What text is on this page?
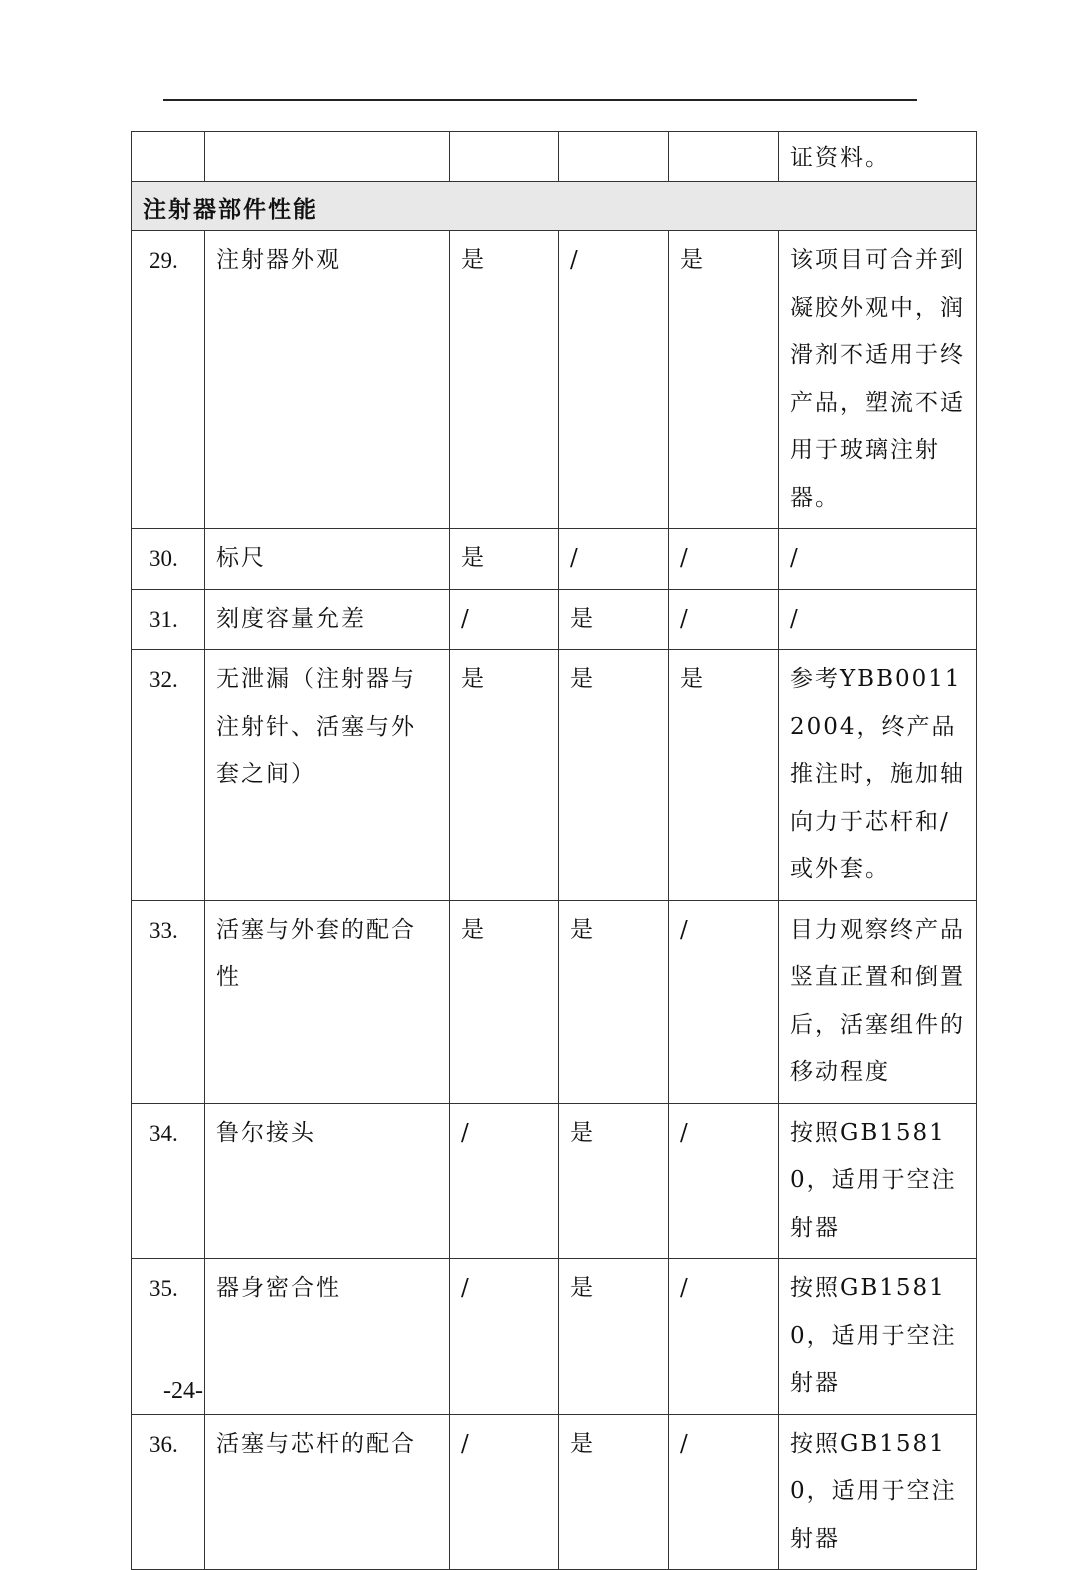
					证资料。
注射器部件性能					
29.	注射器外观	是	/	是	该项目可合并到凝胶外观中，润滑剂不适用于终产品，塑流不适用于玻璃注射器。
30.	标尺	是	/	/	/
31.	刻度容量允差	/	是	/	/
32.	无泄漏（注射器与注射针、活塞与外套之间）	是	是	是	参考YBB00112004，终产品推注时，施加轴向力于芯杆和/或外套。
33.	活塞与外套的配合性	是	是	/	目力观察终产品竖直正置和倒置后，活塞组件的移动程度
34.	鲁尔接头	/	是	/	按照GB15810，适用于空注射器
35.	器身密合性	/	是	/	按照GB15810，适用于空注射器
36.	活塞与芯杆的配合	/	是	/	按照GB15810，适用于空注射器
-24-
